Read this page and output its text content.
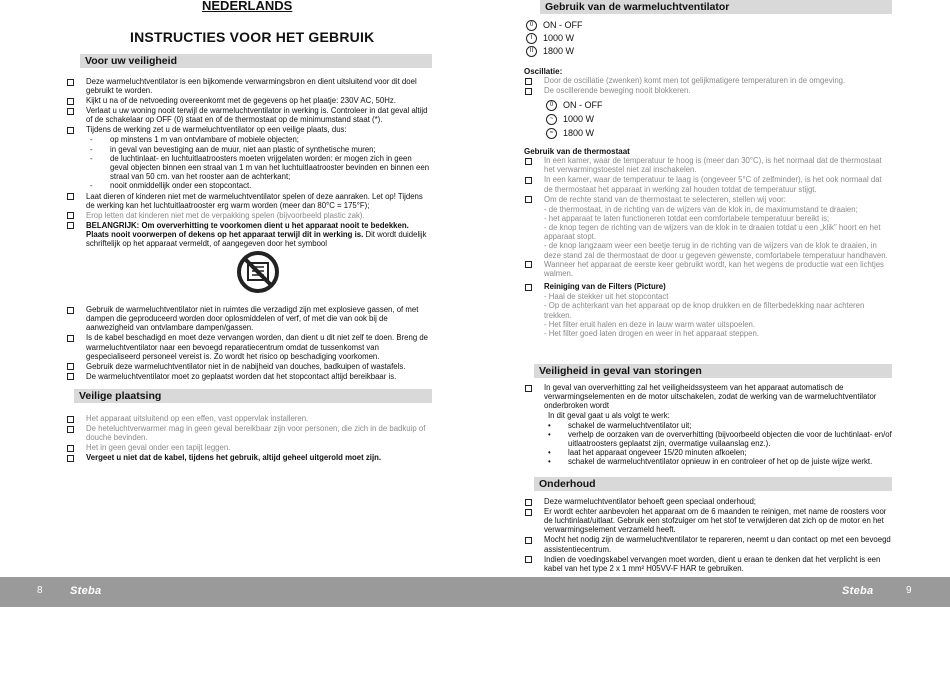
NEDERLANDS
INSTRUCTIES VOOR HET GEBRUIK
Voor uw veiligheid
Deze warmeluchtventilator is een bijkomende verwarmingsbron en dient uitsluitend voor dit doel gebruikt te worden.
Kijkt u na of de netvoeding overeenkomt met de gegevens op het plaatje: 230V AC, 50Hz.
Verlaat u uw woning nooit terwijl de warmeluchtventilator in werking is. Controleer in dat geval altijd of de schakelaar op OFF (0) staat en of de thermostaat op de minimumstand staat (*).
Tijdens de werking zet u de warmeluchtventilator op een veilige plaats, dus:
- op minstens 1 m van ontvlambare of mobiele objecten;
- in geval van bevestiging aan de muur, niet aan plastic of synthetische muren;
- de luchtinlaat- en luchtuitlaatroosters moeten vrijgelaten worden: er mogen zich in geen geval objecten binnen een straal van 1 m van het luchtuitlaatrooster bevinden en binnen een straal van 50 cm. van het rooster aan de achterkant;
- nooit onmiddellijk onder een stopcontact.
Laat dieren of kinderen niet met de warmeluchtventilator spelen of deze aanraken. Let op! Tijdens de werking kan het luchtuitlaatrooster erg warm worden (meer dan 80°C = 175°F);
Erop letten dat kinderen niet met de verpakking spelen (bijvoorbeeld plastic zak).
BELANGRIJK: Om oververhitting te voorkomen dient u het apparaat nooit te bedekken. Plaats nooit voorwerpen of dekens op het apparaat terwijl dit in werking is. Dit wordt duidelijk schriftelijk op het apparaat vermeldt, of aangegeven door het symbool
Gebruik de warmeluchtventilator niet in ruimtes die verzadigd zijn met explosieve gassen, of met dampen die geproduceerd worden door oplosmiddelen of verf, of met die van ook bij de aanwezigheid van ontvlambare dampen/gassen.
Is de kabel beschadigd en moet deze vervangen worden, dan dient u dit niet zelf te doen. Breng de warmeluchtventilator naar een bevoegd reparatiecentrum omdat de tussenkomst van gespecialiseerd personeel vereist is. Zo wordt het risico op beschadiging voorkomen.
Gebruik deze warmeluchtventilator niet in de nabijheid van douches, badkuipen of wastafels.
De warmeluchtventilator moet zo geplaatst worden dat het stopcontact altijd bereikbaar is.
Veilige plaatsing
Het apparaat uitsluitend op een effen, vast oppervlak installeren.
De heteluchtverwarmer mag in geen geval bereikbaar zijn voor personen, die zich in de badkuip of douche bevinden.
Het in geen geval onder een tapijt leggen.
Vergeet u niet dat de kabel, tijdens het gebruik, altijd geheel uitgerold moet zijn.
Gebruik van de warmeluchtventilator
0	ON - OFF
I	1000 W
II	1800 W
Oscillatie:
Door de oscillatie (zwenken) komt men tot gelijkmatigere temperaturen in de omgeving.
De oscillerende beweging nooit blokkeren.
0	ON - OFF
~	1000 W
≈	1800 W
Gebruik van de thermostaat
In een kamer, waar de temperatuur te hoog is (meer dan 30°C), is het normaal dat de thermostaat het verwarmingstoestel niet zal inschakelen.
In een kamer, waar de temperatuur te laag is (ongeveer 5°C of zelfminder), is het ook normaal dat de thermostaat het apparaat in werking zal houden totdat de temperatuur stijgt.
Om de rechte stand van de thermostaat te selecteren, stellen wij voor:
- de thermostaat, in de richting van de wijzers van de klok in, de maximumstand te draaien;
- het apparaat te laten functioneren totdat een comfortabele temperatuur bereikt is;
- de knop tegen de richting van de wijzers van de klok in te draaien totdat u een „klik" hoort en het apparaat stopt.
- de knop langzaam weer een beetje terug in de richting van de wijzers van de klok te draaien, in deze stand zal de thermostaat de door u gegeven gewenste, comfortabele temperatuur handhaven.
Wanneer het apparaat de eerste keer gebruikt wordt, kan het wegens de productie wat een lichtjes walmen.
Reiniging van de Filters (Picture)
- Haal de stekker uit het stopcontact
- Op de achterkant van het apparaat op de knop drukken en de filterbedekking naar achteren trekken.
- Het filter eruit halen en deze in lauw warm water uitspoelen.
- Het filter goed laten drogen en weer in het apparaat steppen.
Veiligheid in geval van storingen
In geval van oververhitting zal het veiligheidssysteem van het apparaat automatisch de verwarmingselementen en de motor uitschakelen, zodat de werking van de warmeluchtventilator onderbroken wordt
In dit geval gaat u als volgt te werk:
• schakel de warmeluchtventilator uit;
• verhelp de oorzaken van de oververhitting (bijvoorbeeld objecten die voor de luchtinlaat- en/of uitlaatroosters geplaatst zijn, overmatige vuilaanslag enz.).
• laat het apparaat ongeveer 15/20 minuten afkoelen;
• schakel de warmeluchtventilator opnieuw in en controleer of het op de juiste wijze werkt.
Onderhoud
Deze warmeluchtventilator behoeft geen speciaal onderhoud;
Er wordt echter aanbevolen het apparaat om de 6 maanden te reinigen, met name de roosters voor de luchtinlaat/uitlaat. Gebruik een stofzuiger om het stof te verwijderen dat zich op de motor en het verwarmingselement verzameld heeft.
Mocht het nodig zijn de warmeluchtventilator te repareren, neemt u dan contact op met een bevoegd assistentiecentrum.
Indien de voedingskabel vervangen moet worden, dient u eraan te denken dat het verplicht is een kabel van het type 2 x 1 mm² H05VV-F HAR te gebruiken.
8 Steba	Steba	9
